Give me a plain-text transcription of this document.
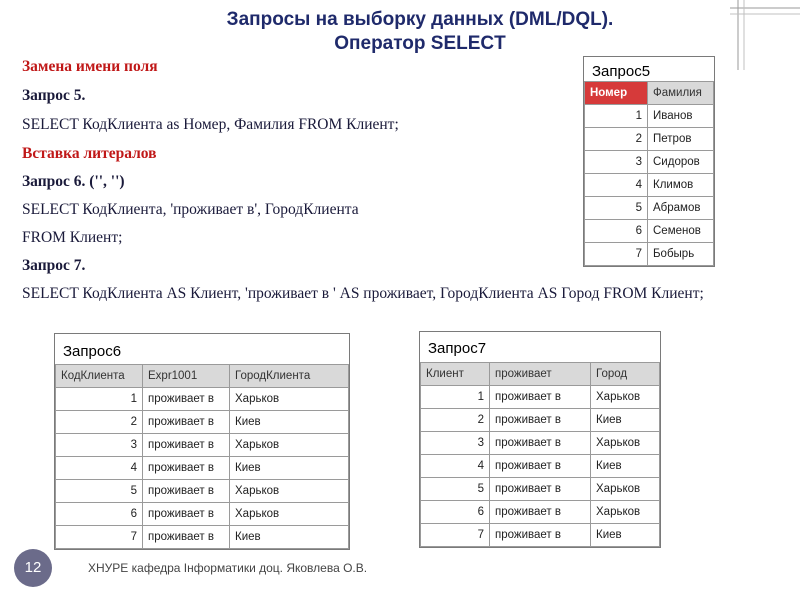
Запросы на выборку данных (DML/DQL).
Оператор SELECT
Замена имени поля
Запрос 5.
SELECT КодКлиента as Номер, Фамилия FROM Клиент;
Вставка литералов
Запрос 6. ('', '')
SELECT КодКлиента, 'проживает в', ГородКлиента
FROM Клиент;
Запрос 7.
SELECT КодКлиента AS Клиент, 'проживает в ' AS проживает, ГородКлиента AS Город FROM Клиент;
Запрос5
Номер	Фамилия
1	Иванов
2	Петров
3	Сидоров
4	Климов
5	Абрамов
6	Семенов
7	Бобырь
Запрос6
КодКлиента	Expr1001	ГородКлиента
1	проживает в	Харьков
2	проживает в	Киев
3	проживает в	Харьков
4	проживает в	Киев
5	проживает в	Харьков
6	проживает в	Харьков
7	проживает в	Киев
Запрос7
Клиент	проживает	Город
1	проживает в	Харьков
2	проживает в	Киев
3	проживает в	Харьков
4	проживает в	Киев
5	проживает в	Харьков
6	проживает в	Харьков
7	проживает в	Киев
12	ХНУРЕ кафедра Інформатики доц. Яковлева О.В.
